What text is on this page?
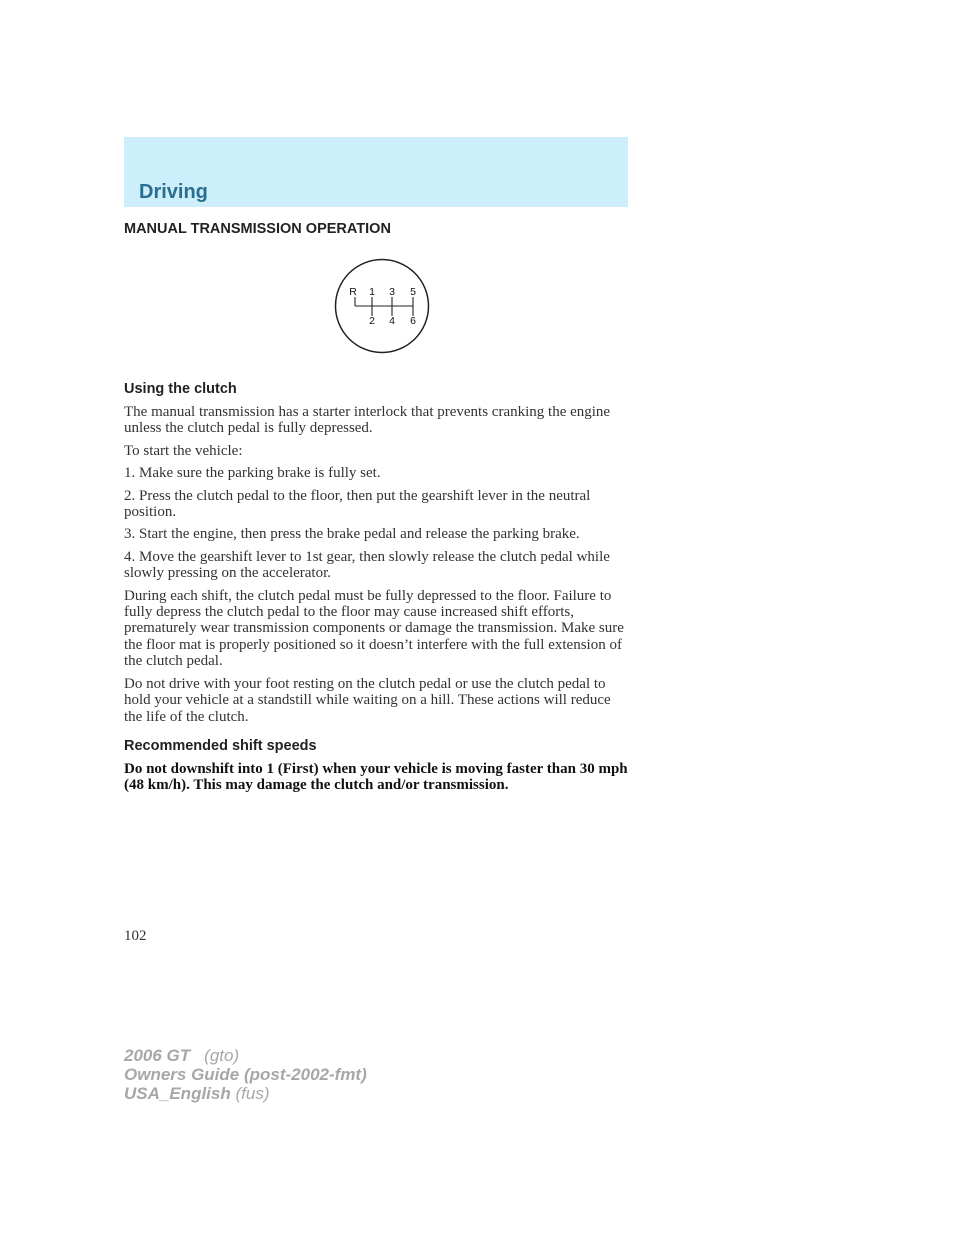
Driving
MANUAL TRANSMISSION OPERATION
R 1 3 5
2 4 6
Using the clutch

The manual transmission has a starter interlock that prevents cranking the engine unless the clutch pedal is fully depressed.

To start the vehicle:

1. Make sure the parking brake is fully set.

2. Press the clutch pedal to the floor, then put the gearshift lever in the neutral position.

3. Start the engine, then press the brake pedal and release the parking brake.

4. Move the gearshift lever to 1st gear, then slowly release the clutch pedal while slowly pressing on the accelerator.

During each shift, the clutch pedal must be fully depressed to the floor. Failure to fully depress the clutch pedal to the floor may cause increased shift efforts, prematurely wear transmission components or damage the transmission. Make sure the floor mat is properly positioned so it doesn’t interfere with the full extension of the clutch pedal.

Do not drive with your foot resting on the clutch pedal or use the clutch pedal to hold your vehicle at a standstill while waiting on a hill. These actions will reduce the life of the clutch.

Recommended shift speeds

Do not downshift into 1 (First) when your vehicle is moving faster than 30 mph (48 km/h). This may damage the clutch and/or transmission.

102
2006 GT (gto)
Owners Guide (post-2002-fmt)
USA_English (fus)
